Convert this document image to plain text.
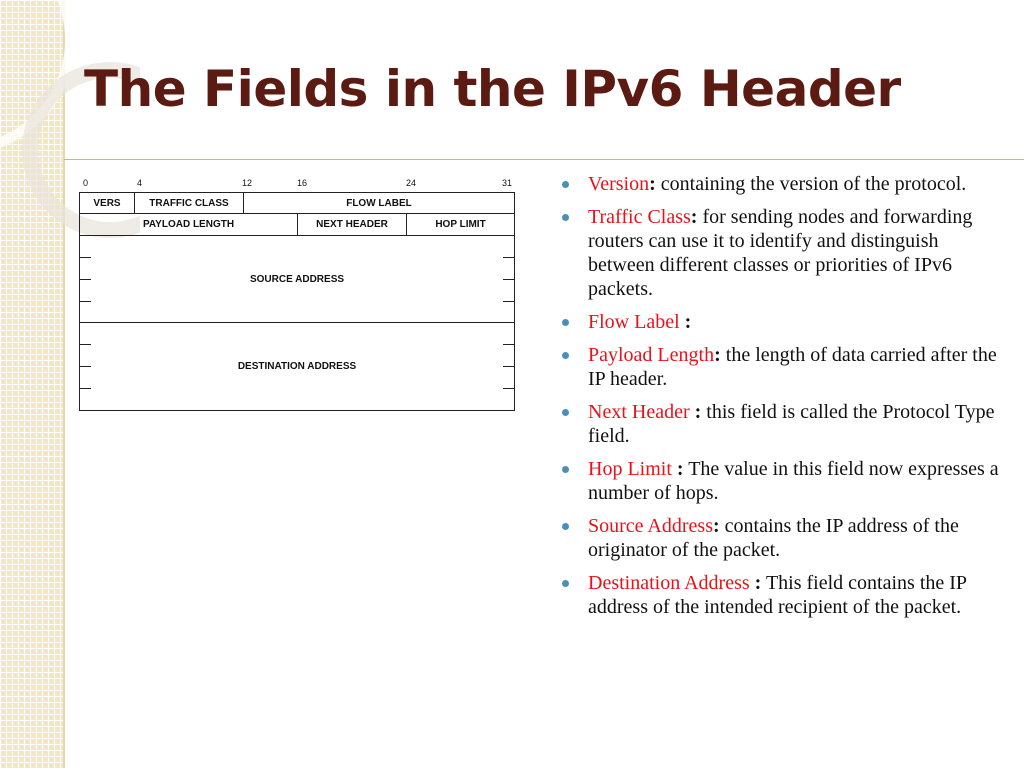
The Fields in the IPv6 Header
0	4	12	16	24	31
VERS	TRAFFIC CLASS	FLOW LABEL
PAYLOAD LENGTH	NEXT HEADER	HOP LIMIT
SOURCE ADDRESS
DESTINATION ADDRESS
Version: containing the version of the protocol.
Traffic Class: for sending nodes and forwarding routers can use it to identify and distinguish between different classes or priorities of IPv6 packets.
Flow Label :
Payload Length: the length of data carried after the IP header.
Next Header : this field is called the Protocol Type field.
Hop Limit : The value in this field now expresses a number of hops.
Source Address: contains the IP address of the originator of the packet.
Destination Address : This field contains the IP address of the intended recipient of the packet.
